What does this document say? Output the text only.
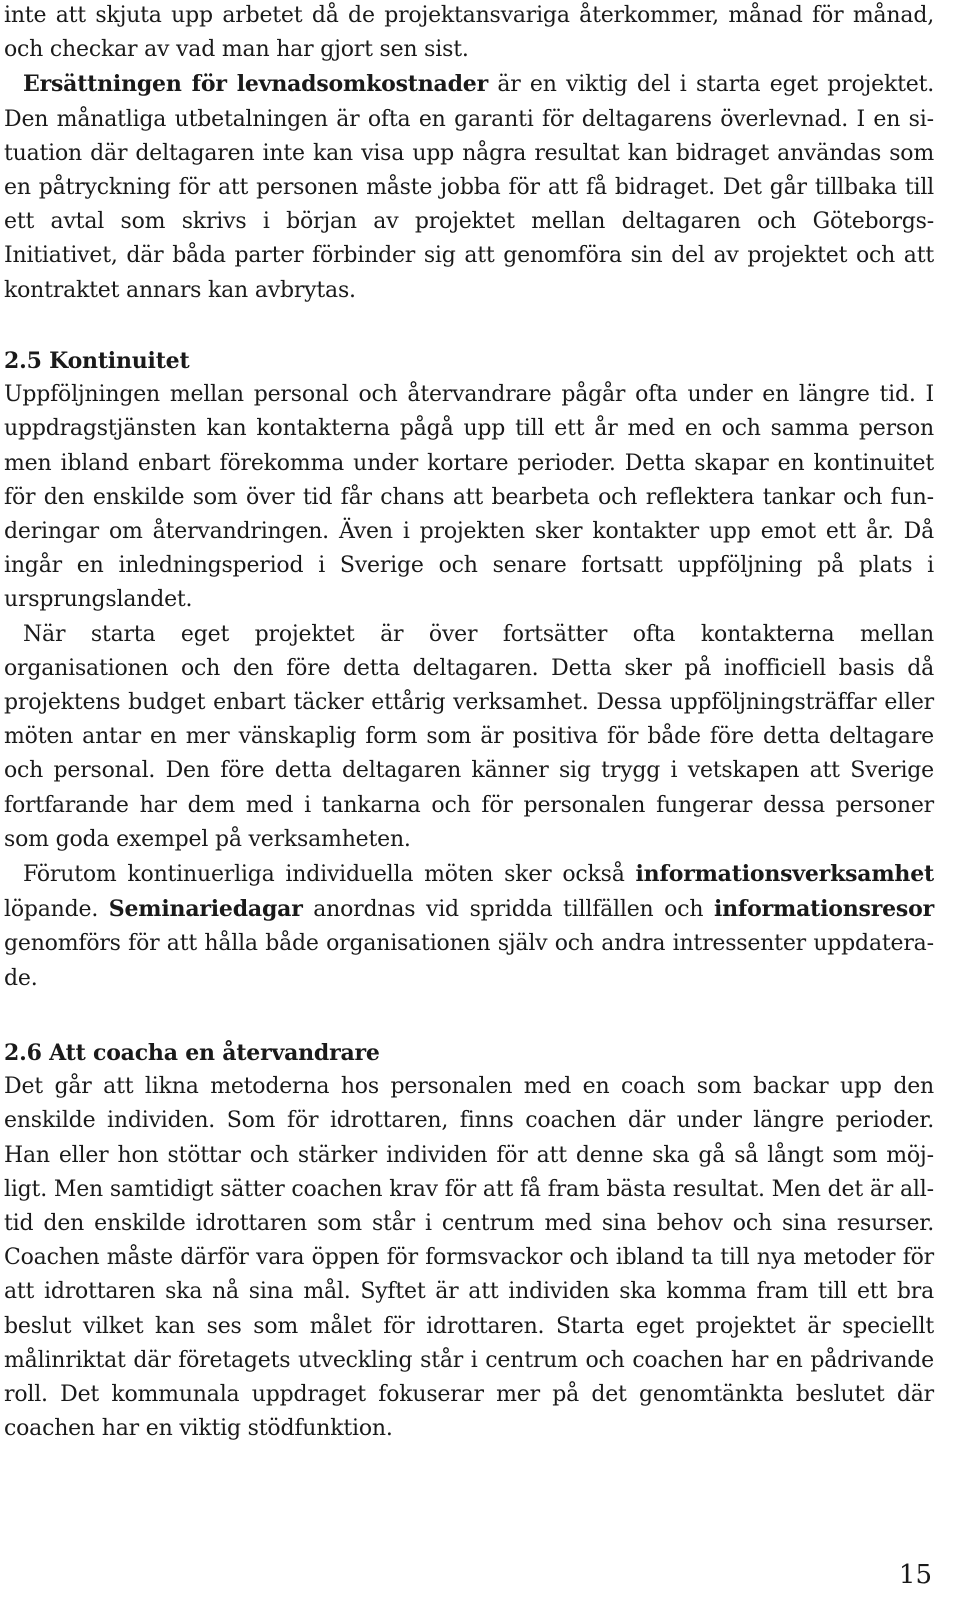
inte att skjuta upp arbetet då de projektansvariga återkommer, månad för månad, och checkar av vad man har gjort sen sist.

Ersättningen för levnadsomkostnader är en viktig del i starta eget projektet. Den månatliga utbetalningen är ofta en garanti för deltagarens överlevnad. I en situation där deltagaren inte kan visa upp några resultat kan bidraget användas som en påtryckning för att personen måste jobba för att få bidraget. Det går tillbaka till ett avtal som skrivs i början av projektet mellan deltagaren och Göteborgs-Initiativet, där båda parter förbinder sig att genomföra sin del av projektet och att kontraktet annars kan avbrytas.

2.5 Kontinuitet

Uppföljningen mellan personal och återvandrare pågår ofta under en längre tid. I uppdragstjänsten kan kontakterna pågå upp till ett år med en och samma person men ibland enbart förekomma under kortare perioder. Detta skapar en kontinuitet för den enskilde som över tid får chans att bearbeta och reflektera tankar och funderingar om återvandringen. Även i projekten sker kontakter upp emot ett år. Då ingår en inledningsperiod i Sverige och senare fortsatt uppföljning på plats i ursprungslandet.

När starta eget projektet är över fortsätter ofta kontakterna mellan organisationen och den före detta deltagaren. Detta sker på inofficiell basis då projektens budget enbart täcker ettårig verksamhet. Dessa uppföljningsträffar eller möten antar en mer vänskaplig form som är positiva för både före detta deltagare och personal. Den före detta deltagaren känner sig trygg i vetskapen att Sverige fortfarande har dem med i tankarna och för personalen fungerar dessa personer som goda exempel på verksamheten.

Förutom kontinuerliga individuella möten sker också informationsverksamhet löpande. Seminariedagar anordnas vid spridda tillfällen och informationsresor genomförs för att hålla både organisationen själv och andra intressenter uppdaterade.

2.6 Att coacha en återvandrare

Det går att likna metoderna hos personalen med en coach som backar upp den enskilde individen. Som för idrottaren, finns coachen där under längre perioder. Han eller hon stöttar och stärker individen för att denne ska gå så långt som möjligt. Men samtidigt sätter coachen krav för att få fram bästa resultat. Men det är alltid den enskilde idrottaren som står i centrum med sina behov och sina resurser. Coachen måste därför vara öppen för formsvackor och ibland ta till nya metoder för att idrottaren ska nå sina mål. Syftet är att individen ska komma fram till ett bra beslut vilket kan ses som målet för idrottaren. Starta eget projektet är speciellt målinriktat där företagets utveckling står i centrum och coachen har en pådrivande roll. Det kommunala uppdraget fokuserar mer på det genomtänkta beslutet där coachen har en viktig stödfunktion.

15
